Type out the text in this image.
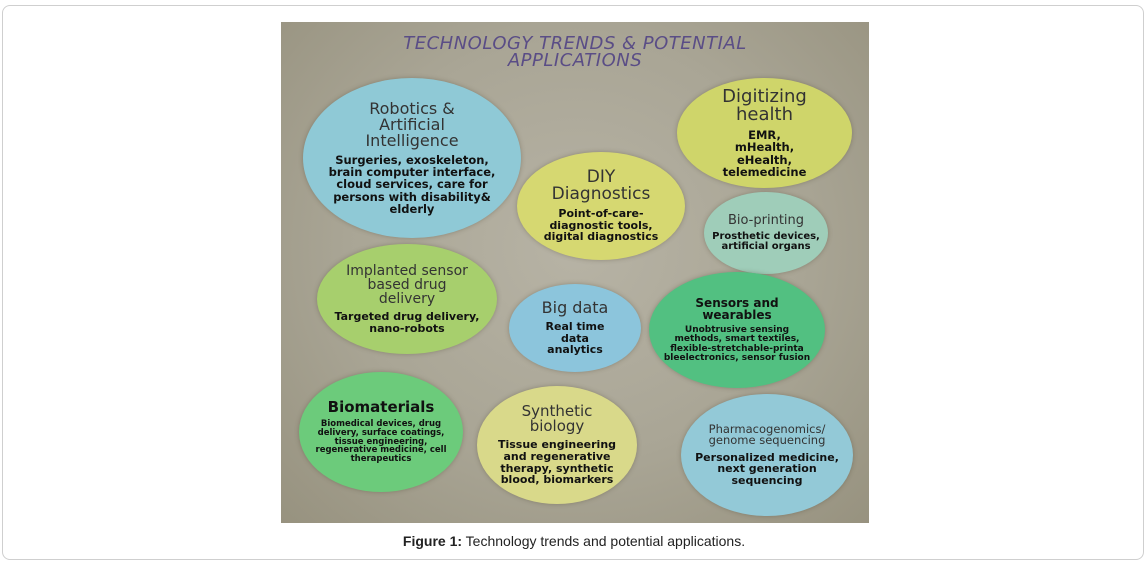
TECHNOLOGY TRENDS & POTENTIAL
APPLICATIONS
Robotics & Artificial Intelligence
Surgeries, exoskeleton, brain computer interface, cloud services, care for persons with disability& elderly
Digitizing health
EMR, mHealth, eHealth, telemedicine
DIY Diagnostics
Point-of-care-diagnostic tools, digital diagnostics
Bio-printing
Prosthetic devices, artificial organs
Implanted sensor based drug delivery
Targeted drug delivery, nano-robots
Big data
Real time data analytics
Sensors and wearables
Unobtrusive sensing methods, smart textiles, flexible-stretchable-printa bleelectronics, sensor fusion
Biomaterials
Biomedical devices, drug delivery, surface coatings, tissue engineering, regenerative medicine, cell therapeutics
Synthetic biology
Tissue engineering and regenerative therapy, synthetic blood, biomarkers
Pharmacogenomics/ genome sequencing
Personalized medicine, next generation sequencing
Figure 1: Technology trends and potential applications.
